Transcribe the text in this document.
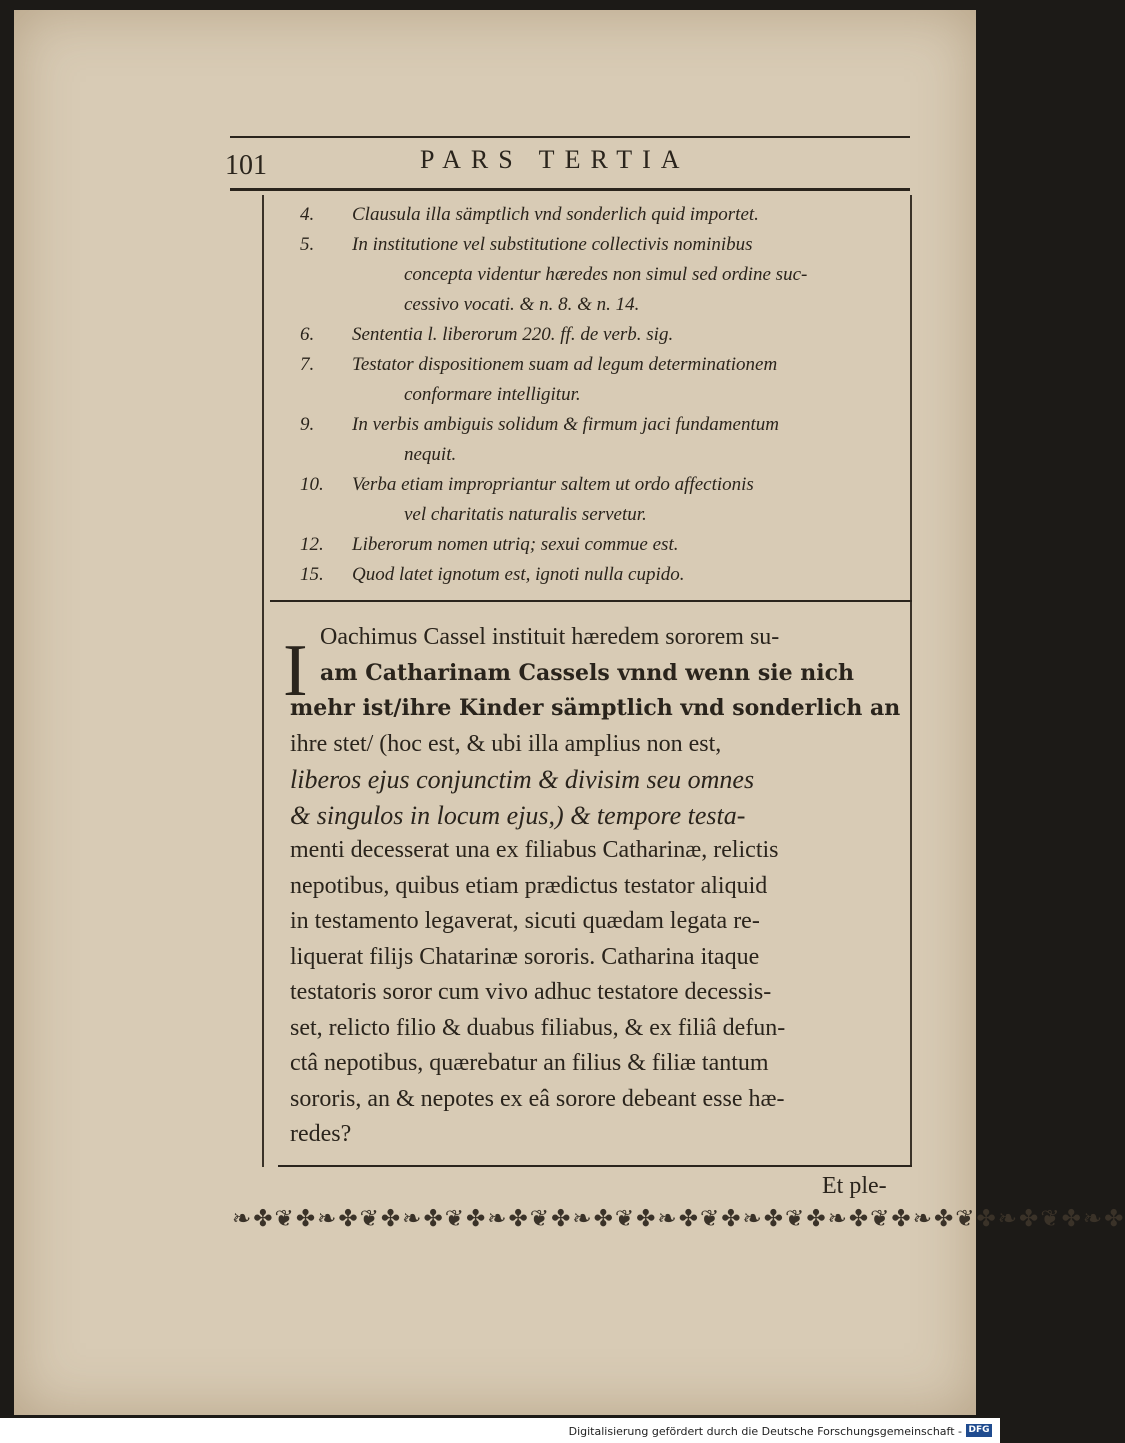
101	PARS TERTIA
4.	Clausula illa sämptlich vnd sonderlich quid importet.
5.	In institutione vel substitutione collectivis nominibus
concepta videntur hæredes non simul sed ordine suc-
cessivo vocati. & n. 8. & n. 14.
6.	Sententia l. liberorum 220. ff. de verb. sig.
7.	Testator dispositionem suam ad legum determinationem
conformare intelligitur.
9.	In verbis ambiguis solidum & firmum jaci fundamentum
nequit.
10.	Verba etiam impropriantur saltem ut ordo affectionis
vel charitatis naturalis servetur.
12.	Liberorum nomen utriq; sexui commue est.
15.	Quod latet ignotum est, ignoti nulla cupido.
I Oachimus Cassel instituit hæredem sororem su-
am Catharinam Cassels vnnd wenn sie nich
mehr ist/ihre Kinder sämptlich vnd sonderlich an
ihre stet/ (hoc est, & ubi illa amplius non est,
liberos ejus conjunctim & divisim seu omnes
& singulos in locum ejus,) & tempore testa-
menti decesserat una ex filiabus Catharinæ, relictis
nepotibus, quibus etiam prædictus testator aliquid
in testamento legaverat, sicuti quædam legata re-
liquerat filijs Chatarinæ sororis. Catharina itaque
testatoris soror cum vivo adhuc testatore decessis-
set, relicto filio & duabus filiabus, & ex filiâ defun-
ctâ nepotibus, quærebatur an filius & filiæ tantum
sororis, an & nepotes ex eâ sorore debeant esse hæ-
redes?
Et ple-
❧✤❦✤❧✤❦✤❧✤❦✤❧✤❦✤❧✤❦✤❧✤❦✤❧✤❦✤❧✤❦✤❧✤❦✤❧✤❦✤❧✤
Digitalisierung gefördert durch die Deutsche Forschungsgemeinschaft - DFG
